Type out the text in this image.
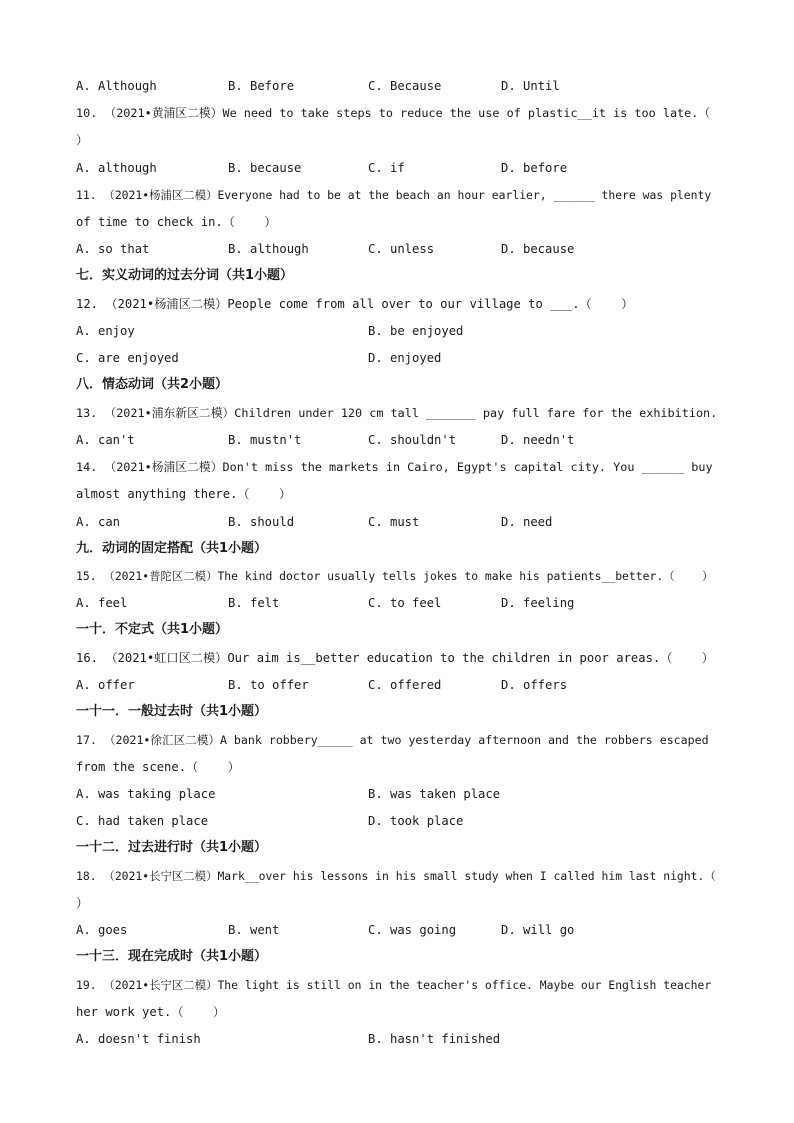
A. Although	B. Before	C. Because	D. Until
10. （2021•黄浦区二模）We need to take steps to reduce the use of plastic__it is too late.（
）
A. although	B. because	C. if	D. before
11. （2021•杨浦区二模）Everyone had to be at the beach an hour earlier, ______ there was plenty
of time to check in.（    ）
A. so that	B. although	C. unless	D. because
七．实义动词的过去分词（共1小题）
12. （2021•杨浦区二模）People come from all over to our village to ___.（    ）
A. enjoy	B. be enjoyed
C. are enjoyed	D. enjoyed
八．情态动词（共2小题）
13. （2021•浦东新区二模）Children under 120 cm tall _______ pay full fare for the exhibition.
A. can't	B. mustn't	C. shouldn't	D. needn't
14. （2021•杨浦区二模）Don't miss the markets in Cairo, Egypt's capital city. You ______ buy
almost anything there.（    ）
A. can	B. should	C. must	D. need
九．动词的固定搭配（共1小题）
15. （2021•普陀区二模）The kind doctor usually tells jokes to make his patients__better.（    ）
A. feel	B. felt	C. to feel	D. feeling
一十．不定式（共1小题）
16. （2021•虹口区二模）Our aim is__better education to the children in poor areas.（    ）
A. offer	B. to offer	C. offered	D. offers
一十一．一般过去时（共1小题）
17. （2021•徐汇区二模）A bank robbery_____ at two yesterday afternoon and the robbers escaped
from the scene.（    ）
A. was taking place	B. was taken place
C. had taken place	D. took place
一十二．过去进行时（共1小题）
18. （2021•长宁区二模）Mark__over his lessons in his small study when I called him last night.（
）
A. goes	B. went	C. was going	D. will go
一十三．现在完成时（共1小题）
19. （2021•长宁区二模）The light is still on in the teacher's office. Maybe our English teacher
her work yet.（    ）
A. doesn't finish	B. hasn't finished
